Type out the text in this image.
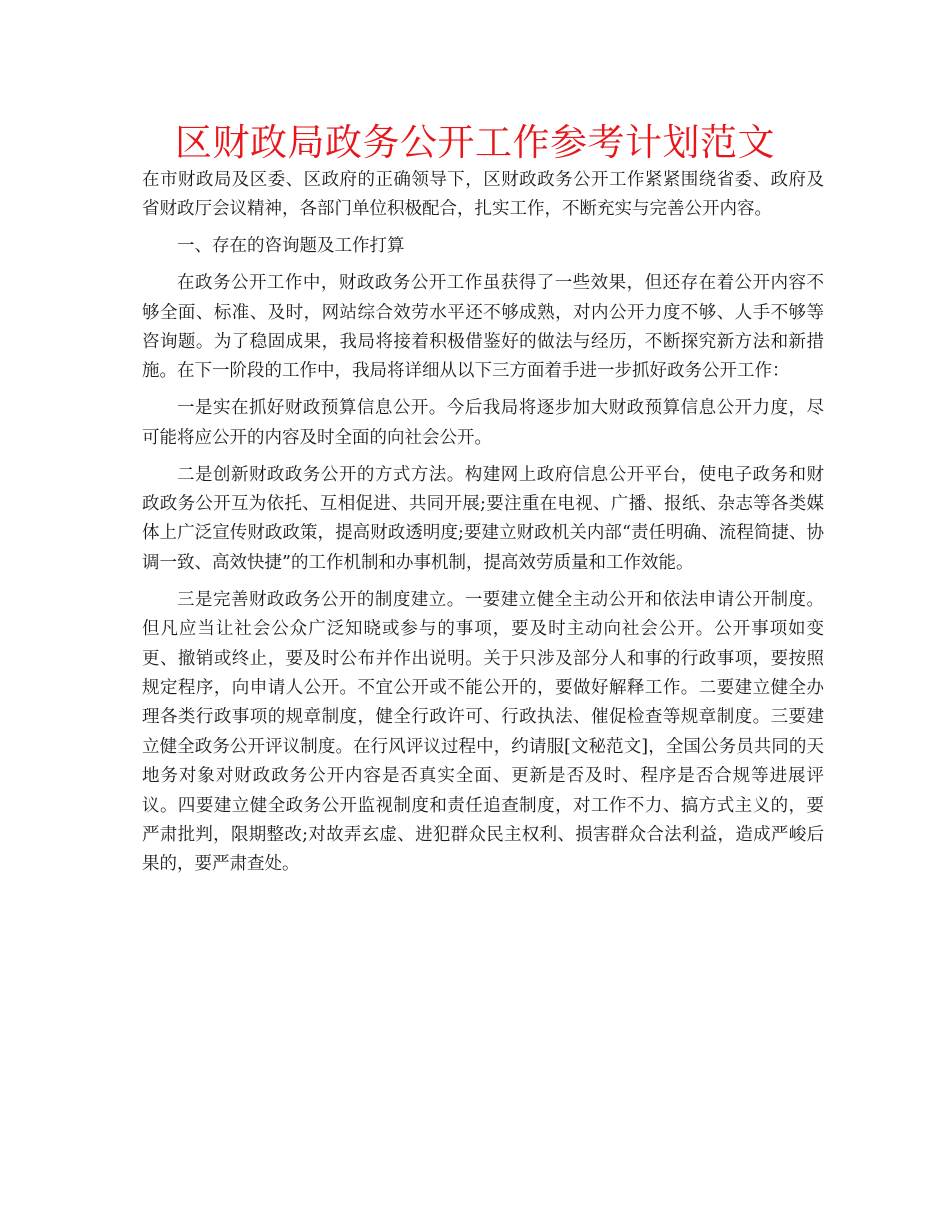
区财政局政务公开工作参考计划范文

在市财政局及区委、区政府的正确领导下，区财政政务公开工作紧紧围绕省委、政府及省财政厅会议精神，各部门单位积极配合，扎实工作，不断充实与完善公开内容。

一、存在的咨询题及工作打算

在政务公开工作中，财政政务公开工作虽获得了一些效果，但还存在着公开内容不够全面、标准、及时，网站综合效劳水平还不够成熟，对内公开力度不够、人手不够等咨询题。为了稳固成果，我局将接着积极借鉴好的做法与经历，不断探究新方法和新措施。在下一阶段的工作中，我局将详细从以下三方面着手进一步抓好政务公开工作：

一是实在抓好财政预算信息公开。今后我局将逐步加大财政预算信息公开力度，尽可能将应公开的内容及时全面的向社会公开。

二是创新财政政务公开的方式方法。构建网上政府信息公开平台，使电子政务和财政政务公开互为依托、互相促进、共同开展;要注重在电视、广播、报纸、杂志等各类媒体上广泛宣传财政政策，提高财政透明度;要建立财政机关内部“责任明确、流程简捷、协调一致、高效快捷”的工作机制和办事机制，提高效劳质量和工作效能。

三是完善财政政务公开的制度建立。一要建立健全主动公开和依法申请公开制度。但凡应当让社会公众广泛知晓或参与的事项，要及时主动向社会公开。公开事项如变更、撤销或终止，要及时公布并作出说明。关于只涉及部分人和事的行政事项，要按照规定程序，向申请人公开。不宜公开或不能公开的，要做好解释工作。二要建立健全办理各类行政事项的规章制度，健全行政许可、行政执法、催促检查等规章制度。三要建立健全政务公开评议制度。在行风评议过程中，约请服[文秘范文]，全国公务员共同的天地务对象对财政政务公开内容是否真实全面、更新是否及时、程序是否合规等进展评议。四要建立健全政务公开监视制度和责任追查制度，对工作不力、搞方式主义的，要严肃批判，限期整改;对故弄玄虚、进犯群众民主权利、损害群众合法利益，造成严峻后果的，要严肃查处。
